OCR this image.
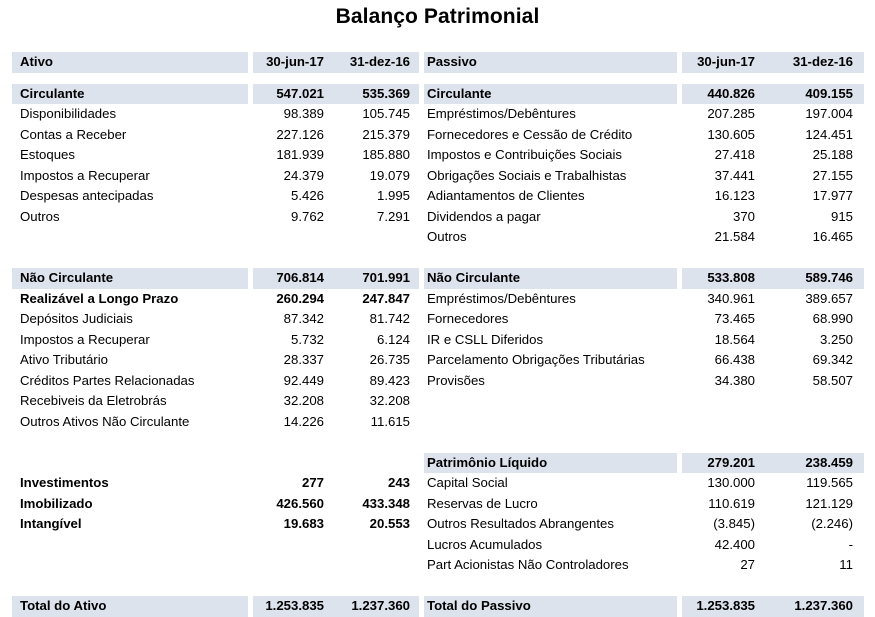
Balanço Patrimonial
	Ativo	30-jun-17	31-dez-16	Passivo	30-jun-17	31-dez-16	

	Circulante	547.021	535.369	Circulante	440.826	409.155	
	Disponibilidades	98.389	105.745	Empréstimos/Debêntures	207.285	197.004	
	Contas a Receber	227.126	215.379	Fornecedores e Cessão de Crédito	130.605	124.451	
	Estoques	181.939	185.880	Impostos e Contribuições Sociais	27.418	25.188	
	Impostos a Recuperar	24.379	19.079	Obrigações Sociais e Trabalhistas	37.441	27.155	
	Despesas antecipadas	5.426	1.995	Adiantamentos de Clientes	16.123	17.977	
	Outros	9.762	7.291	Dividendos a pagar	370	915	
				Outros	21.584	16.465	

	Não Circulante	706.814	701.991	Não Circulante	533.808	589.746	
	Realizável a Longo Prazo	260.294	247.847	Empréstimos/Debêntures	340.961	389.657	
	Depósitos Judiciais	87.342	81.742	Fornecedores	73.465	68.990	
	Impostos a Recuperar	5.732	6.124	IR e CSLL Diferidos	18.564	3.250	
	Ativo Tributário	28.337	26.735	Parcelamento Obrigações Tributárias	66.438	69.342	
	Créditos Partes Relacionadas	92.449	89.423	Provisões	34.380	58.507	
	Recebiveis da Eletrobrás	32.208	32.208				
	Outros Ativos Não Circulante	14.226	11.615				

				Patrimônio Líquido	279.201	238.459	
	Investimentos	277	243	Capital Social	130.000	119.565	
	Imobilizado	426.560	433.348	Reservas de Lucro	110.619	121.129	
	Intangível	19.683	20.553	Outros Resultados Abrangentes	(3.845)	(2.246)	
				Lucros Acumulados	42.400	-	
				Part Acionistas Não Controladores	27	11	

	Total do Ativo	1.253.835	1.237.360	Total do Passivo	1.253.835	1.237.360	
